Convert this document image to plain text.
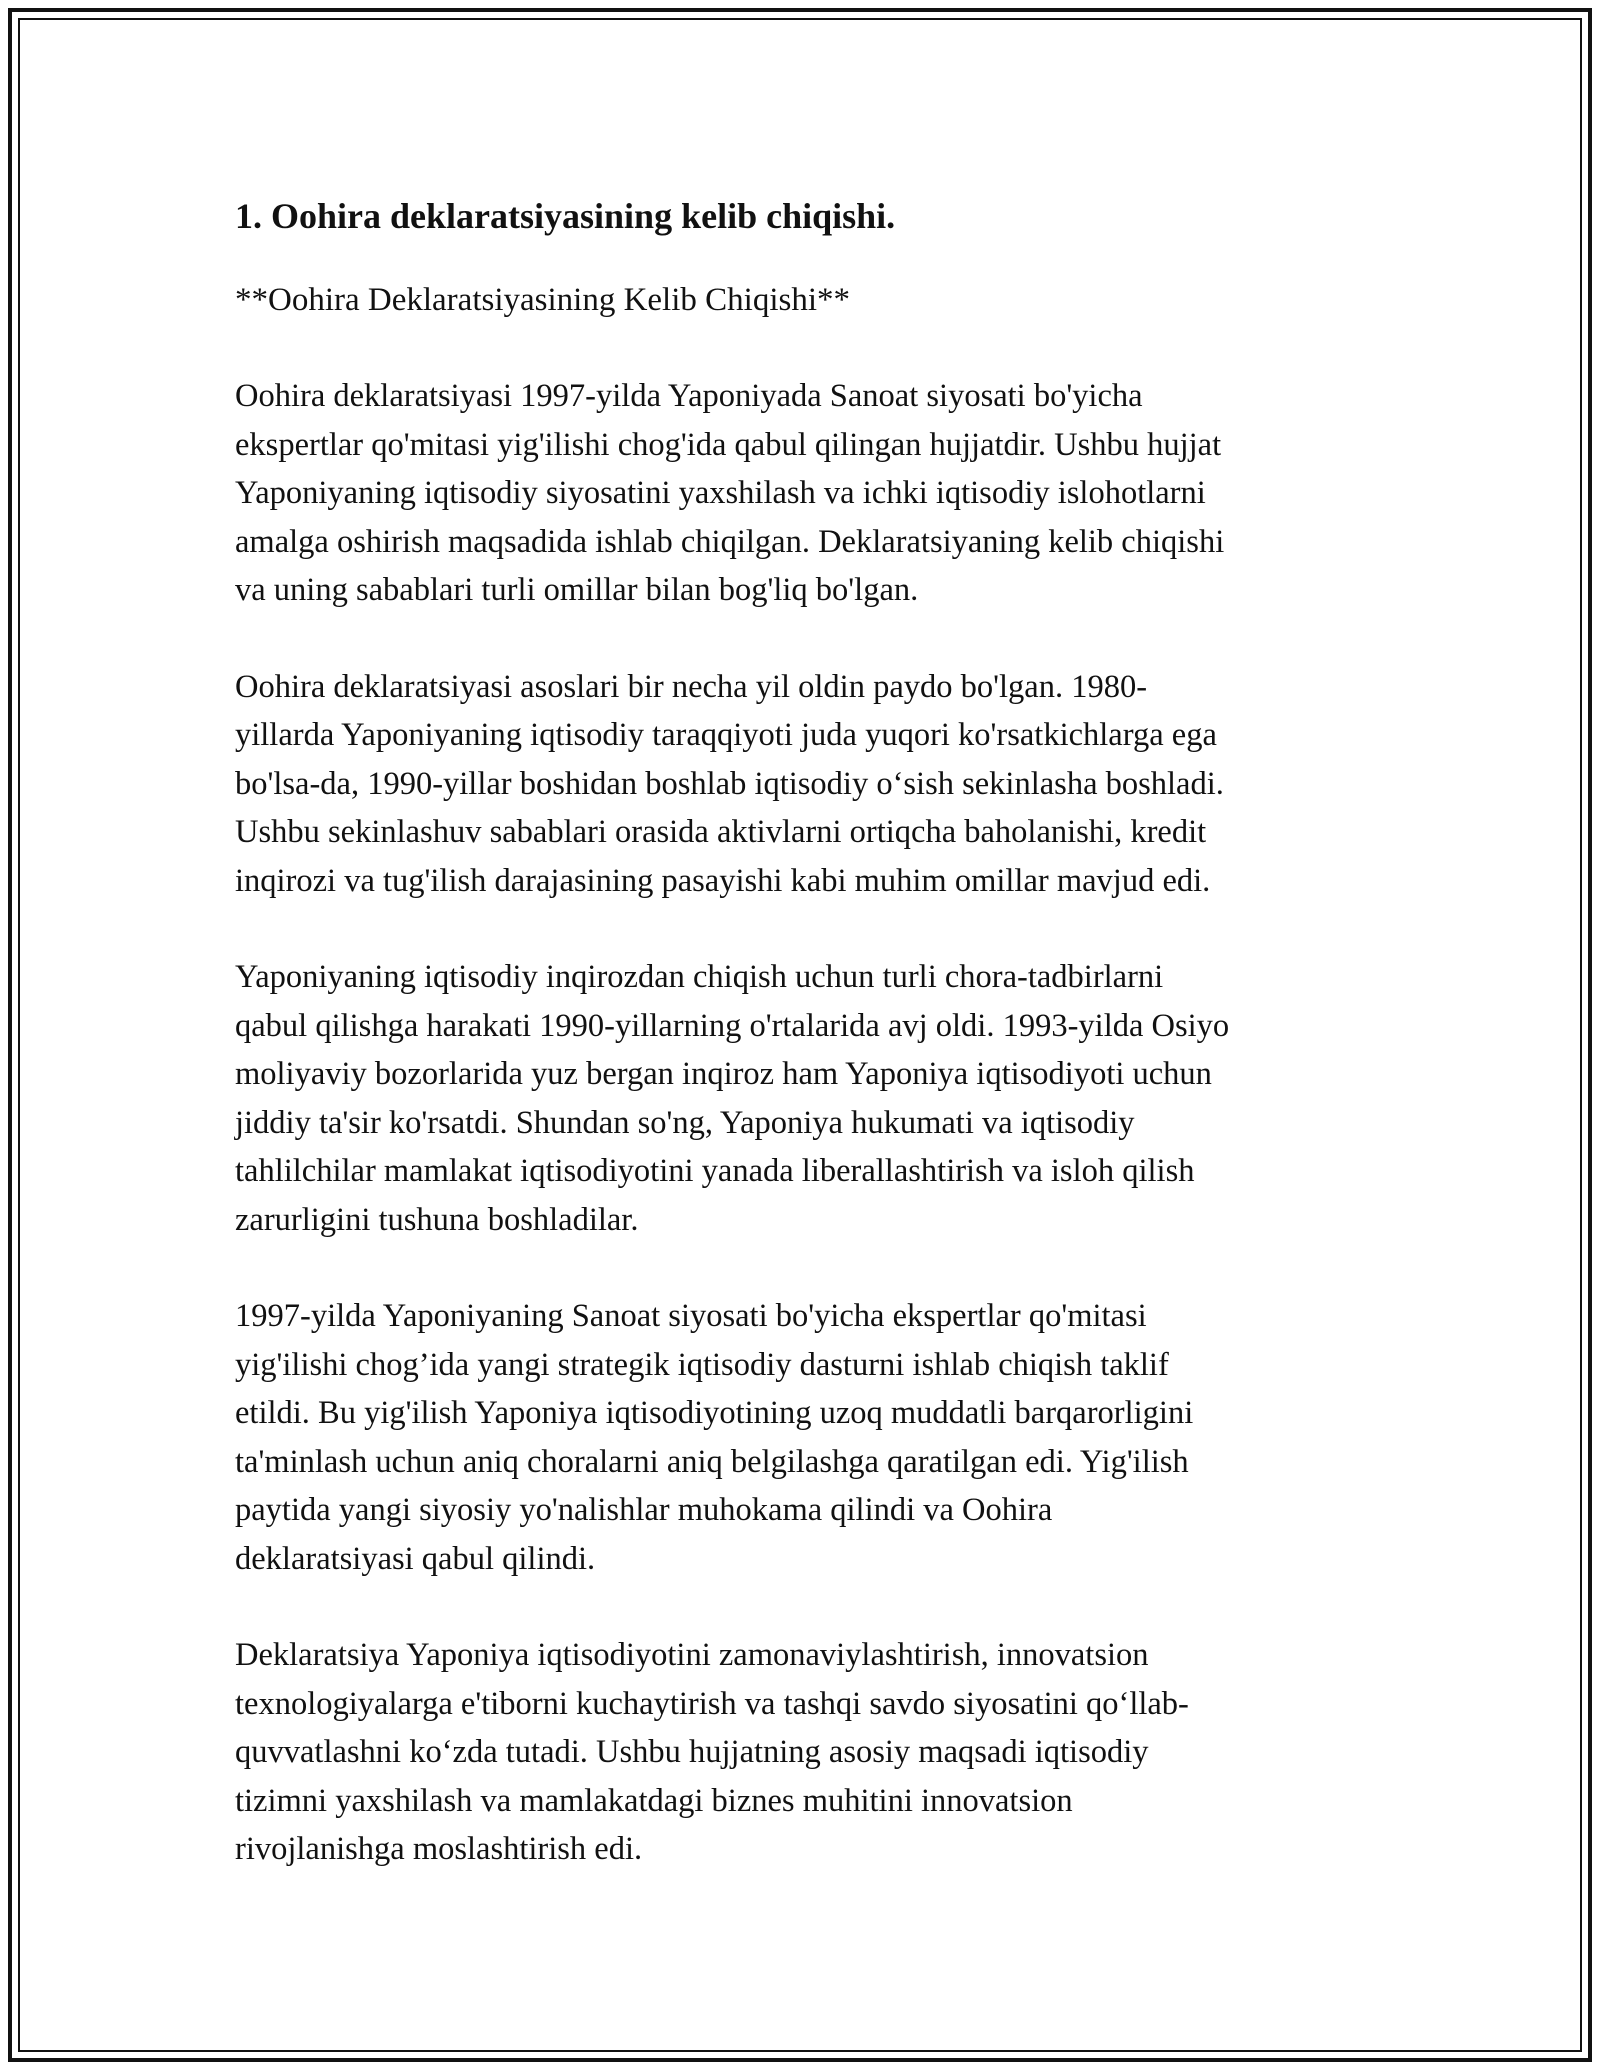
1. Oohira deklaratsiyasining kelib chiqishi.

**Oohira Deklaratsiyasining Kelib Chiqishi**

Oohira deklaratsiyasi 1997-yilda Yaponiyada Sanoat siyosati bo'yicha
ekspertlar qo'mitasi yig'ilishi chog'ida qabul qilingan hujjatdir. Ushbu hujjat
Yaponiyaning iqtisodiy siyosatini yaxshilash va ichki iqtisodiy islohotlarni
amalga oshirish maqsadida ishlab chiqilgan. Deklaratsiyaning kelib chiqishi
va uning sabablari turli omillar bilan bog'liq bo'lgan.

Oohira deklaratsiyasi asoslari bir necha yil oldin paydo bo'lgan. 1980-
yillarda Yaponiyaning iqtisodiy taraqqiyoti juda yuqori ko'rsatkichlarga ega
bo'lsa-da, 1990-yillar boshidan boshlab iqtisodiy o‘sish sekinlasha boshladi.
Ushbu sekinlashuv sabablari orasida aktivlarni ortiqcha baholanishi, kredit
inqirozi va tug'ilish darajasining pasayishi kabi muhim omillar mavjud edi.

Yaponiyaning iqtisodiy inqirozdan chiqish uchun turli chora-tadbirlarni
qabul qilishga harakati 1990-yillarning o'rtalarida avj oldi. 1993-yilda Osiyo
moliyaviy bozorlarida yuz bergan inqiroz ham Yaponiya iqtisodiyoti uchun
jiddiy ta'sir ko'rsatdi. Shundan so'ng, Yaponiya hukumati va iqtisodiy
tahlilchilar mamlakat iqtisodiyotini yanada liberallashtirish va isloh qilish
zarurligini tushuna boshladilar.

1997-yilda Yaponiyaning Sanoat siyosati bo'yicha ekspertlar qo'mitasi
yig'ilishi chog’ida yangi strategik iqtisodiy dasturni ishlab chiqish taklif
etildi. Bu yig'ilish Yaponiya iqtisodiyotining uzoq muddatli barqarorligini
ta'minlash uchun aniq choralarni aniq belgilashga qaratilgan edi. Yig'ilish
paytida yangi siyosiy yo'nalishlar muhokama qilindi va Oohira
deklaratsiyasi qabul qilindi.

Deklaratsiya Yaponiya iqtisodiyotini zamonaviylashtirish, innovatsion
texnologiyalarga e'tiborni kuchaytirish va tashqi savdo siyosatini qo‘llab-
quvvatlashni ko‘zda tutadi. Ushbu hujjatning asosiy maqsadi iqtisodiy
tizimni yaxshilash va mamlakatdagi biznes muhitini innovatsion
rivojlanishga moslashtirish edi.
